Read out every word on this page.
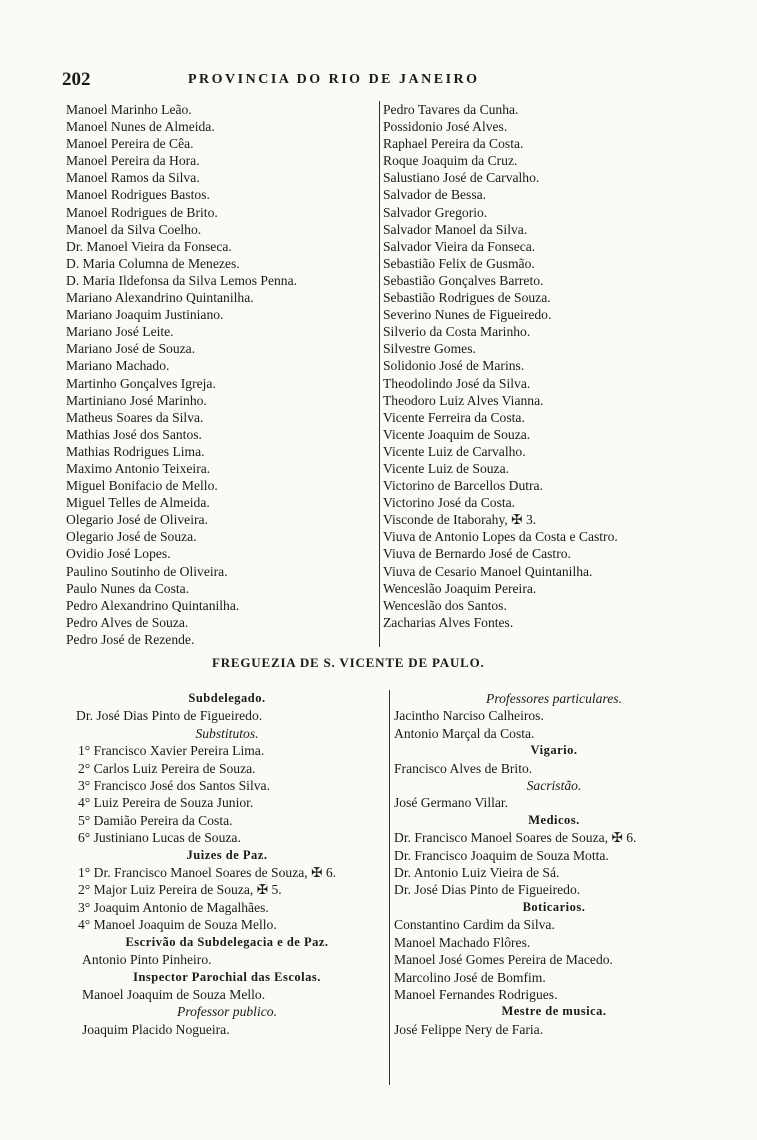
202	PROVINCIA DO RIO DE JANEIRO
Manoel Marinho Leão.
Manoel Nunes de Almeida.
Manoel Pereira de Cêa.
Manoel Pereira da Hora.
Manoel Ramos da Silva.
Manoel Rodrigues Bastos.
Manoel Rodrigues de Brito.
Manoel da Silva Coelho.
Dr. Manoel Vieira da Fonseca.
D. Maria Columna de Menezes.
D. Maria Ildefonsa da Silva Lemos Penna.
Mariano Alexandrino Quintanilha.
Mariano Joaquim Justiniano.
Mariano José Leite.
Mariano José de Souza.
Mariano Machado.
Martinho Gonçalves Igreja.
Martiniano José Marinho.
Matheus Soares da Silva.
Mathias José dos Santos.
Mathias Rodrigues Lima.
Maximo Antonio Teixeira.
Miguel Bonifacio de Mello.
Miguel Telles de Almeida.
Olegario José de Oliveira.
Olegario José de Souza.
Ovidio José Lopes.
Paulino Soutinho de Oliveira.
Paulo Nunes da Costa.
Pedro Alexandrino Quintanilha.
Pedro Alves de Souza.
Pedro José de Rezende.
Pedro Tavares da Cunha.
Possidonio José Alves.
Raphael Pereira da Costa.
Roque Joaquim da Cruz.
Salustiano José de Carvalho.
Salvador de Bessa.
Salvador Gregorio.
Salvador Manoel da Silva.
Salvador Vieira da Fonseca.
Sebastião Felix de Gusmão.
Sebastião Gonçalves Barreto.
Sebastião Rodrigues de Souza.
Severino Nunes de Figueiredo.
Silverio da Costa Marinho.
Silvestre Gomes.
Solidonio José de Marins.
Theodolindo José da Silva.
Theodoro Luiz Alves Vianna.
Vicente Ferreira da Costa.
Vicente Joaquim de Souza.
Vicente Luiz de Carvalho.
Vicente Luiz de Souza.
Victorino de Barcellos Dutra.
Victorino José da Costa.
Visconde de Itaborahy, ✠ 3.
Viuva de Antonio Lopes da Costa e Castro.
Viuva de Bernardo José de Castro.
Viuva de Cesario Manoel Quintanilha.
Wenceslão Joaquim Pereira.
Wenceslão dos Santos.
Zacharias Alves Fontes.
FREGUEZIA DE S. VICENTE DE PAULO.
Subdelegado.
Dr. José Dias Pinto de Figueiredo.
Substitutos.
1° Francisco Xavier Pereira Lima.
2° Carlos Luiz Pereira de Souza.
3° Francisco José dos Santos Silva.
4° Luiz Pereira de Souza Junior.
5° Damião Pereira da Costa.
6° Justiniano Lucas de Souza.
Juizes de Paz.
1° Dr. Francisco Manoel Soares de Souza, ✠ 6.
2° Major Luiz Pereira de Souza, ✠ 5.
3° Joaquim Antonio de Magalhães.
4° Manoel Joaquim de Souza Mello.
Escrivão da Subdelegacia e de Paz.
Antonio Pinto Pinheiro.
Inspector Parochial das Escolas.
Manoel Joaquim de Souza Mello.
Professor publico.
Joaquim Placido Nogueira.
Professores particulares.
Jacintho Narciso Calheiros.
Antonio Marçal da Costa.
Vigario.
Francisco Alves de Brito.
Sacristão.
José Germano Villar.
Medicos.
Dr. Francisco Manoel Soares de Souza, ✠ 6.
Dr. Francisco Joaquim de Souza Motta.
Dr. Antonio Luiz Vieira de Sá.
Dr. José Dias Pinto de Figueiredo.
Boticarios.
Constantino Cardim da Silva.
Manoel Machado Flôres.
Manoel José Gomes Pereira de Macedo.
Marcolino José de Bomfim.
Manoel Fernandes Rodrigues.
Mestre de musica.
José Felippe Nery de Faria.
